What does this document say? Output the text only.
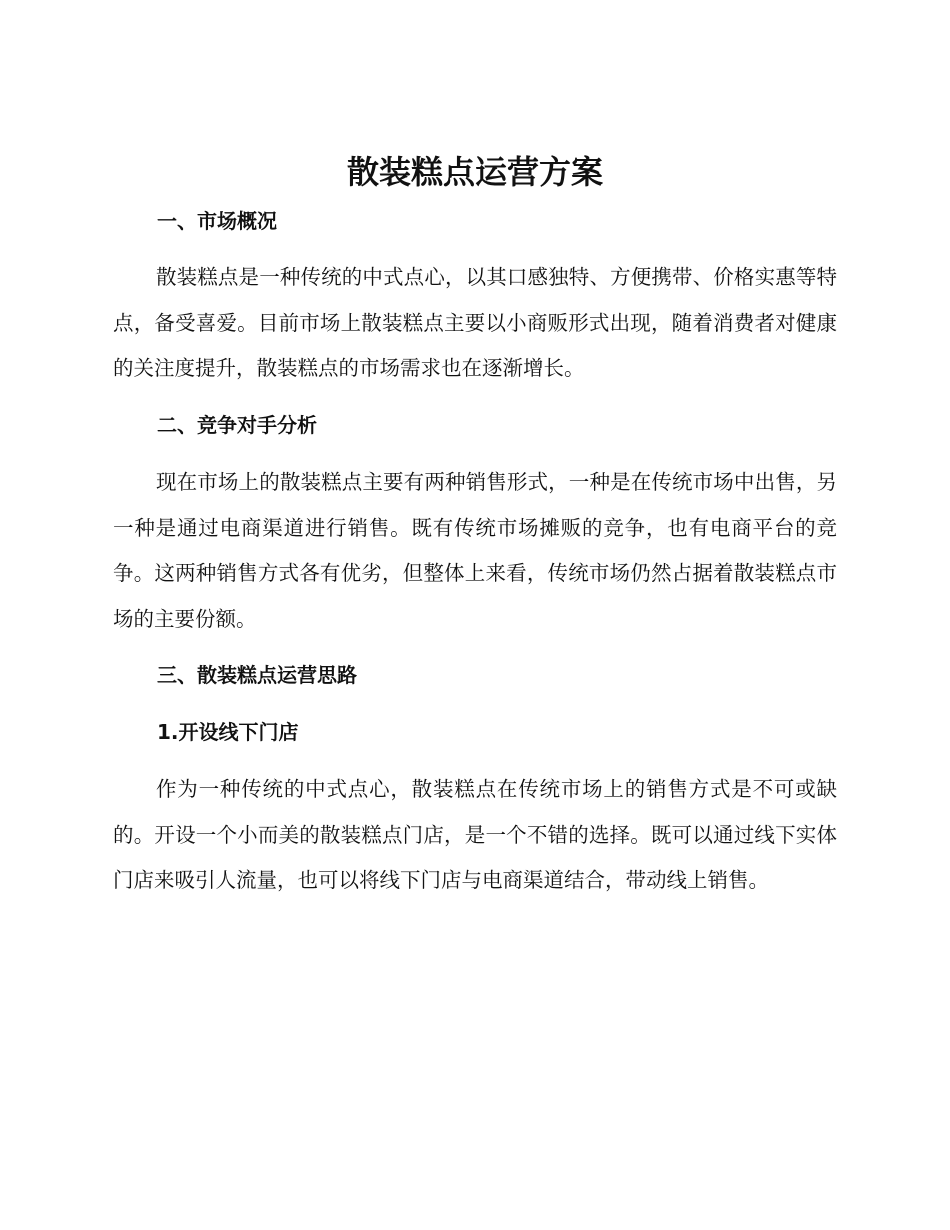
散装糕点运营方案
一、市场概况

散装糕点是一种传统的中式点心，以其口感独特、方便携带、价格实惠等特点，备受喜爱。目前市场上散装糕点主要以小商贩形式出现，随着消费者对健康的关注度提升，散装糕点的市场需求也在逐渐增长。

二、竞争对手分析

现在市场上的散装糕点主要有两种销售形式，一种是在传统市场中出售，另一种是通过电商渠道进行销售。既有传统市场摊贩的竞争，也有电商平台的竞争。这两种销售方式各有优劣，但整体上来看，传统市场仍然占据着散装糕点市场的主要份额。

三、散装糕点运营思路
1.开设线下门店

作为一种传统的中式点心，散装糕点在传统市场上的销售方式是不可或缺的。开设一个小而美的散装糕点门店，是一个不错的选择。既可以通过线下实体门店来吸引人流量，也可以将线下门店与电商渠道结合，带动线上销售。
